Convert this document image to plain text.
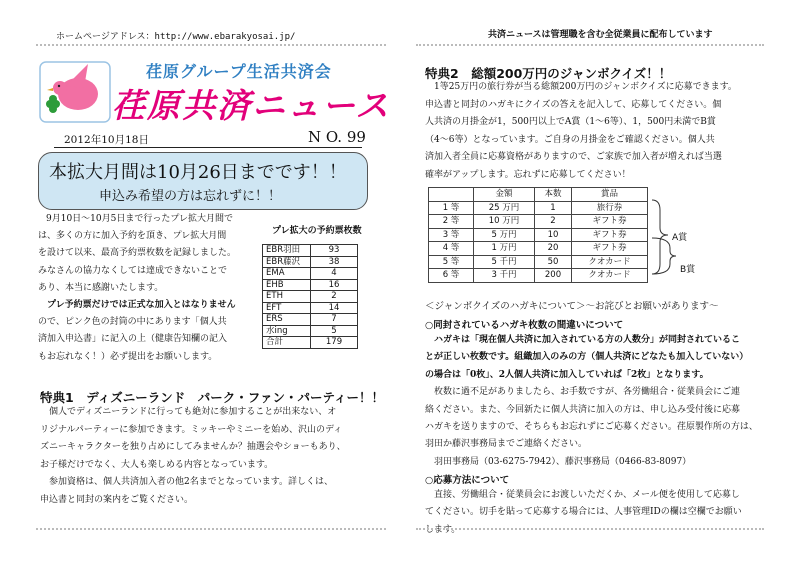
ホームページアドレス：http://www.ebarakyosai.jp/	共済ニュースは管理職を含む全従業員に配布しています
荏原グループ生活共済会
荏原共済ニュース
2012年10月18日	N O. 99
本拡大月間は10月26日までです！！
申込み希望の方は忘れずに！！
9月10日～10月5日まで行ったプレ拡大月間で
は、多くの方に加入予約を頂き、プレ拡大月間
を設けて以来、最高予約票枚数を記録しました。
みなさんの協力なくしては達成できないことで
あり、本当に感謝いたします。
　プレ予約票だけでは正式な加入とはなりません
ので、ピンク色の封筒の中にあります「個人共
済加入申込書」に記入の上（健康告知欄の記入
もお忘れなく！）必ず提出をお願いします。
プレ拡大の予約票枚数
EBR羽田	93
EBR藤沢	38
EMA	4
EHB	16
ETH	2
EFT	14
ERS	7
水ing	5
合計	179
特典1　ディズニーランド　パーク・ファン・パーティー！！
　個人でディズニーランドに行っても絶対に参加することが出来ない、オ
リジナルパーティーに参加できます。ミッキーやミニーを始め、沢山のディ
ズニーキャラクターを独り占めにしてみませんか？抽選会やショーもあり、
お子様だけでなく、大人も楽しめる内容となっています。
　参加資格は、個人共済加入者の他2名までとなっています。詳しくは、
申込書と同封の案内をご覧ください。
特典2　総額200万円のジャンボクイズ！！
　1等25万円の旅行券が当る総額200万円のジャンボクイズに応募できます。
申込書と同封のハガキにクイズの答えを記入して、応募してください。個
人共済の月掛金が1，500円以上でA賞（1～6等）、1，500円未満でB賞
（4～6等）となっています。ご自身の月掛金をご確認ください。個人共
済加入者全員に応募資格がありますので、ご家族で加入者が増えれば当選
確率がアップします。忘れずに応募してください！
	金額	本数	賞品
1 等	25 万円	1	旅行券
2 等	10 万円	2	ギフト券
3 等	5 万円	10	ギフト券
4 等	1 万円	20	ギフト券
5 等	5 千円	50	クオカード
6 等	3 千円	200	クオカード
A賞
B賞
＜ジャンボクイズのハガキについて＞～お詫びとお願いがあります～
○同封されているハガキ枚数の間違いについて
　ハガキは「現在個人共済に加入されている方の人数分」が同封されているこ
とが正しい枚数です。組織加入のみの方（個人共済にどなたも加入していない）
の場合は「0枚」、2人個人共済に加入していれば「2枚」となります。
　枚数に過不足がありましたら、お手数ですが、各労働組合・従業員会にご連
絡ください。また、今回新たに個人共済に加入の方は、申し込み受付後に応募
ハガキを送りますので、そちらもお忘れずにご応募ください。荏原製作所の方は、
羽田か藤沢事務局までご連絡ください。
　羽田事務局（03-6275-7942）、藤沢事務局（0466-83-8097）
○応募方法について
　直接、労働組合・従業員会にお渡しいただくか、メール便を使用して応募し
てください。切手を貼って応募する場合には、人事管理IDの欄は空欄でお願い
します。
